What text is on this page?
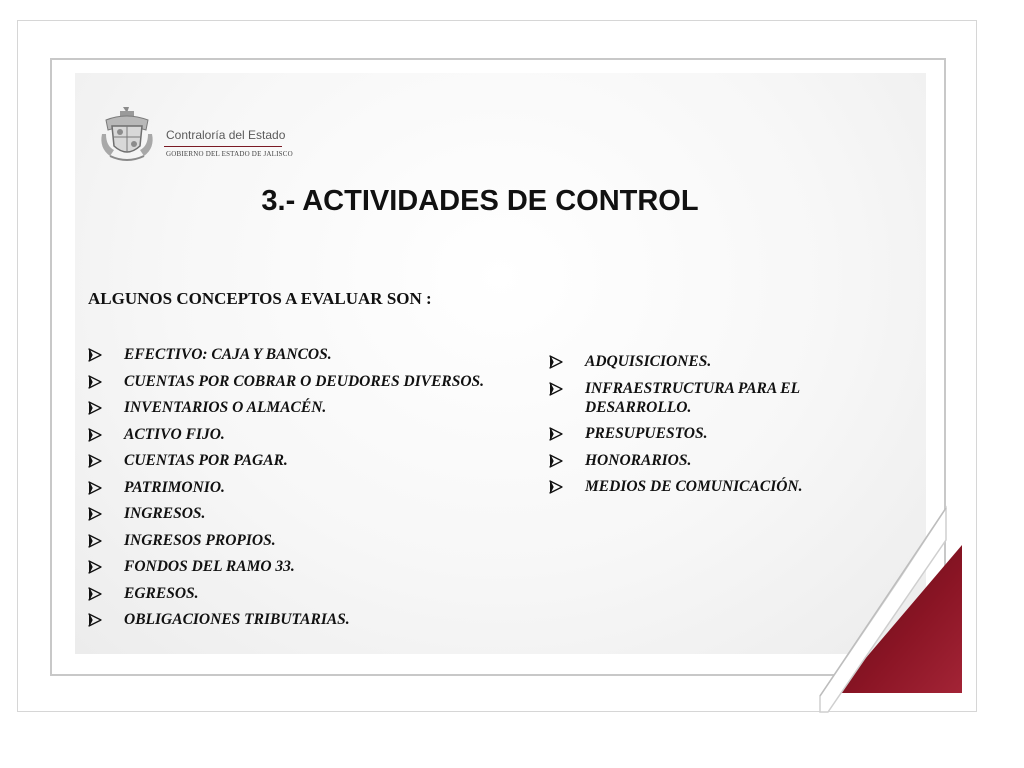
Contraloría del Estado
GOBIERNO DEL ESTADO DE JALISCO
3.- ACTIVIDADES DE CONTROL
ALGUNOS CONCEPTOS A EVALUAR SON :
EFECTIVO: CAJA Y BANCOS.
CUENTAS POR COBRAR O DEUDORES DIVERSOS.
INVENTARIOS O ALMACÉN.
ACTIVO FIJO.
CUENTAS POR PAGAR.
PATRIMONIO.
INGRESOS.
INGRESOS PROPIOS.
FONDOS DEL RAMO 33.
EGRESOS.
OBLIGACIONES TRIBUTARIAS.
ADQUISICIONES.
INFRAESTRUCTURA PARA EL DESARROLLO.
PRESUPUESTOS.
HONORARIOS.
MEDIOS DE COMUNICACIÓN.
